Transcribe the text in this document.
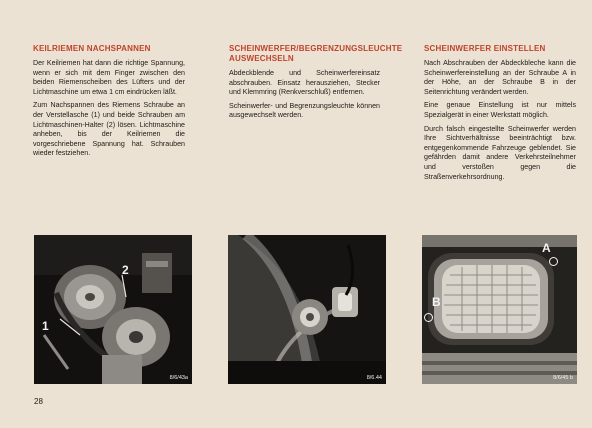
KEILRIEMEN NACHSPANNEN

Der Keilriemen hat dann die richtige Spannung, wenn er sich mit dem Finger zwischen den beiden Riemenscheiben des Lüfters und der Lichtmaschine um etwa 1 cm eindrücken läßt.

Zum Nachspannen des Riemens Schraube an der Verstellasche (1) und beide Schrauben am Lichtmaschinen-Halter (2) lösen. Lichtmaschine anheben, bis der Keilriemen die vorgeschriebene Spannung hat. Schrauben wieder festziehen.

SCHEINWERFER/BEGRENZUNGSLEUCHTE AUSWECHSELN

Abdeckblende und Scheinwerfereinsatz abschrauben. Einsatz herausziehen, Stecker und Klemmring (Renkverschluß) entfernen.

Scheinwerfer- und Begrenzungsleuchte können ausgewechselt werden.

SCHEINWERFER EINSTELLEN

Nach Abschrauben der Abdeckbleche kann die Scheinwerfereinstellung an der Schraube A in der Höhe, an der Schraube B in der Seitenrichtung verändert werden.

Eine genaue Einstellung ist nur mittels Spezialgerät in einer Werkstatt möglich.

Durch falsch eingestellte Scheinwerfer werden Ihre Sichtverhältnisse beeinträchtigt bzw. entgegenkommende Fahrzeuge geblendet. Sie gefährden damit andere Verkehrsteilnehmer und verstoßen gegen die Straßenverkehrsordnung.

2
1
8/6/43a	8/6.44
A
B
8/6/45 b
28
